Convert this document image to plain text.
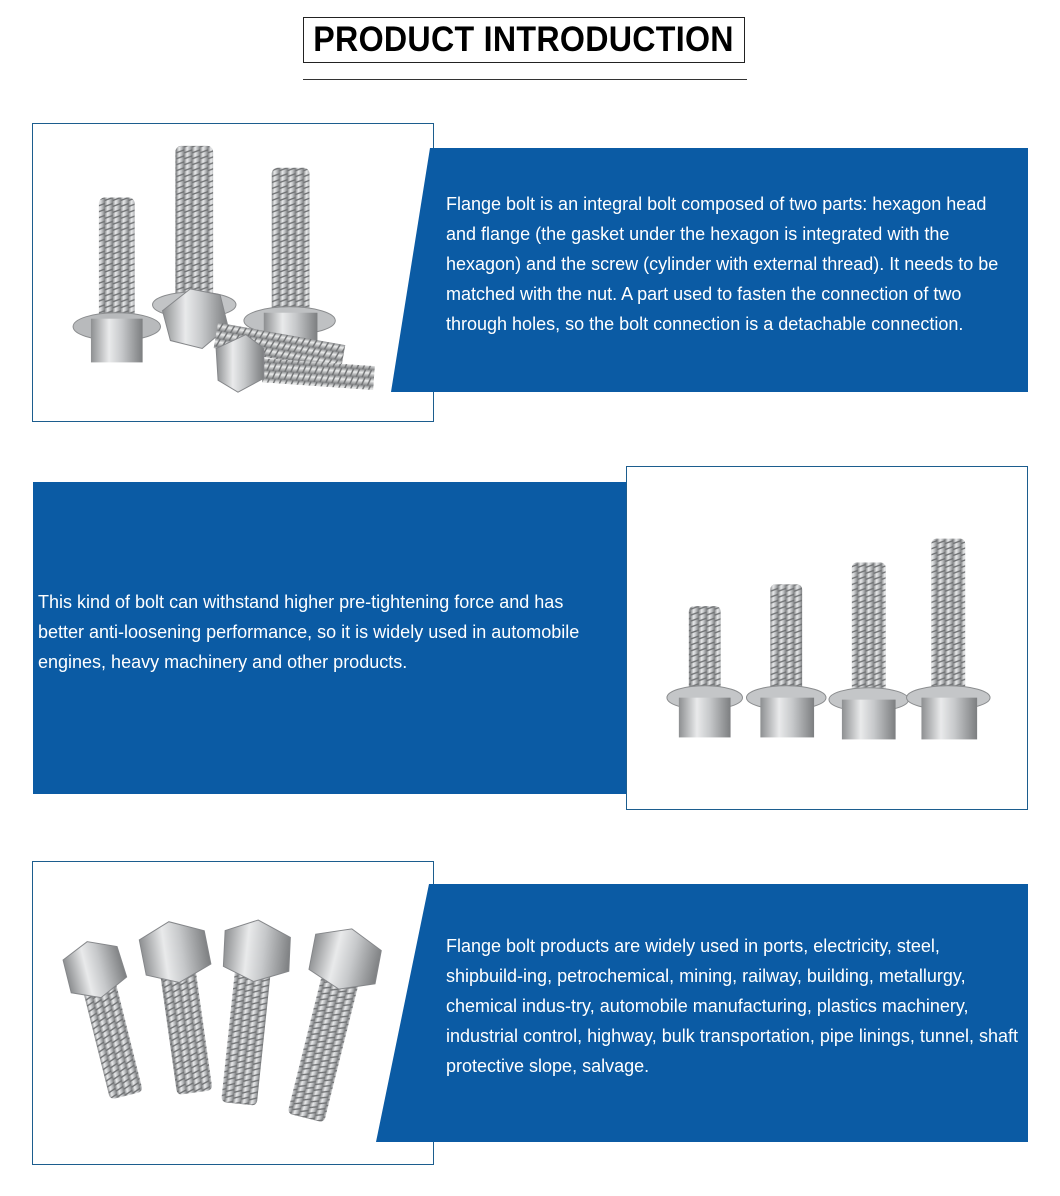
PRODUCT INTRODUCTION

Flange bolt is an integral bolt composed of two parts: hexagon head and flange (the gasket under the hexagon is integrated with the hexagon) and the screw (cylinder with external thread). It needs to be matched with the nut. A part used to fasten the connection of two through holes, so the bolt connection is a detachable connection.

This kind of bolt can withstand higher pre-tightening force and has better anti-loosening performance, so it is widely used in automobile engines, heavy machinery and other products.

Flange bolt products are widely used in ports, electricity, steel, shipbuild-ing, petrochemical, mining, railway, building, metallurgy, chemical indus-try, automobile manufacturing, plastics machinery, industrial control, highway, bulk transportation, pipe linings, tunnel, shaft protective slope, salvage.
